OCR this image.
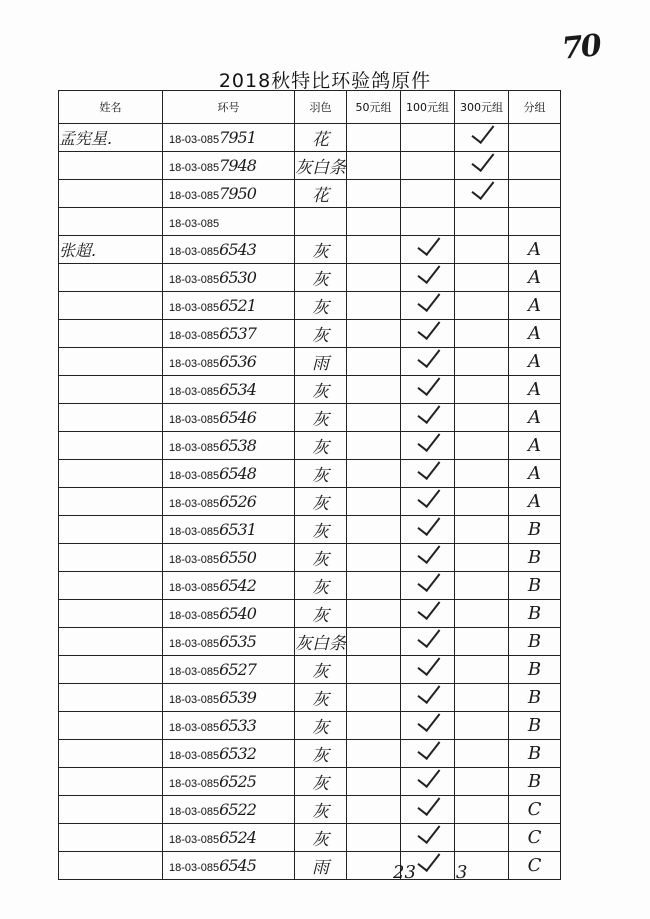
70
2018秋特比环验鸽原件
姓名	环号	羽色	50元组	100元组	300元组	分组
孟宪星.	18-03-0857951	花				
	18-03-0857948	灰白条				
	18-03-0857950	花				
	18-03-085					
张超.	18-03-0856543	灰				A
	18-03-0856530	灰				A
	18-03-0856521	灰				A
	18-03-0856537	灰				A
	18-03-0856536	雨				A
	18-03-0856534	灰				A
	18-03-0856546	灰				A
	18-03-0856538	灰				A
	18-03-0856548	灰				A
	18-03-0856526	灰				A
	18-03-0856531	灰				B
	18-03-0856550	灰				B
	18-03-0856542	灰				B
	18-03-0856540	灰				B
	18-03-0856535	灰白条				B
	18-03-0856527	灰				B
	18-03-0856539	灰				B
	18-03-0856533	灰				B
	18-03-0856532	灰				B
	18-03-0856525	灰				B
	18-03-0856522	灰				C
	18-03-0856524	灰				C
	18-03-0856545	雨				C
23 3
